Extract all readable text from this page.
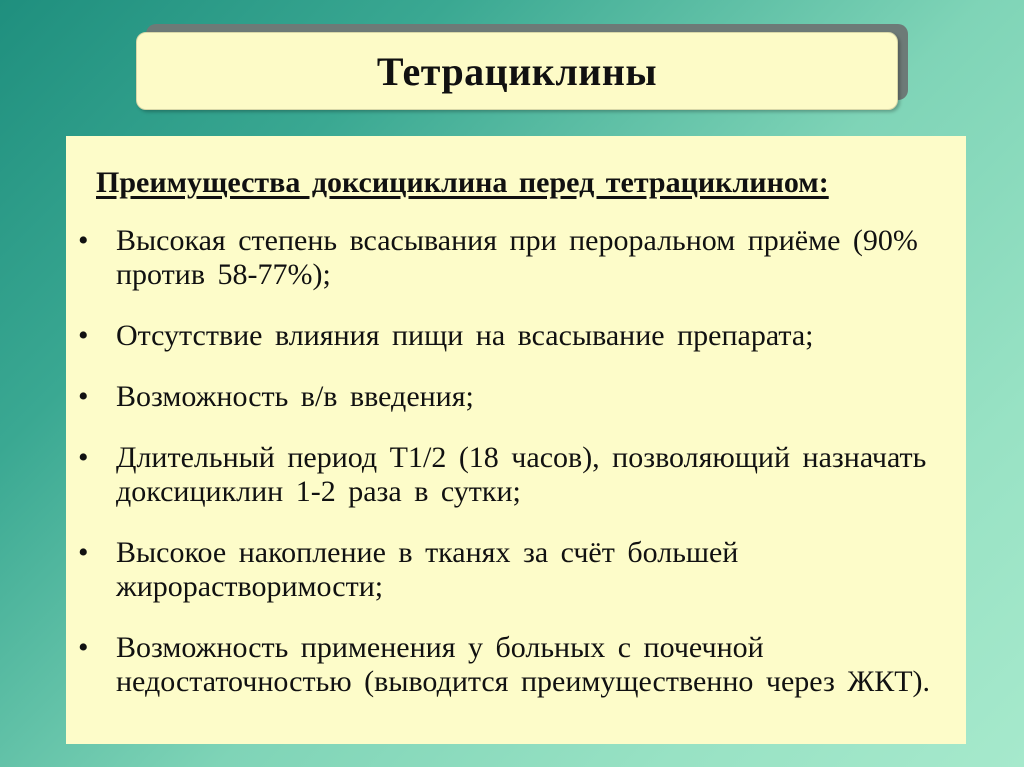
Тетрациклины
Преимущества доксициклина перед тетрациклином:
• Высокая степень всасывания при пероральном приёме (90% против 58-77%);
• Отсутствие влияния пищи на всасывание препарата;
• Возможность в/в введения;
• Длительный период Т1/2 (18 часов), позволяющий назначать доксициклин 1-2 раза в сутки;
• Высокое накопление в тканях за счёт большей жирорастворимости;
• Возможность применения у больных с почечной недостаточностью (выводится преимущественно через ЖКТ).
